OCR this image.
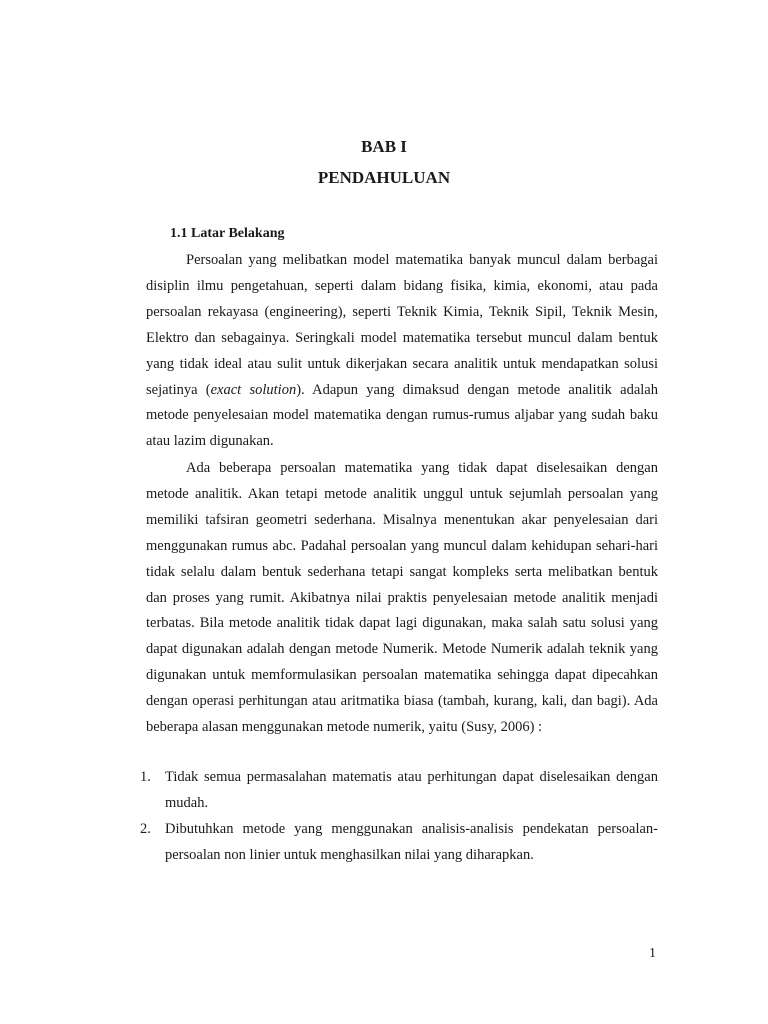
BAB I
PENDAHULUAN
1.1 Latar Belakang

Persoalan yang melibatkan model matematika banyak muncul dalam berbagai disiplin ilmu pengetahuan, seperti dalam bidang fisika, kimia, ekonomi, atau pada persoalan rekayasa (engineering), seperti Teknik Kimia, Teknik Sipil, Teknik Mesin, Elektro dan sebagainya. Seringkali model matematika tersebut muncul dalam bentuk yang tidak ideal atau sulit untuk dikerjakan secara analitik untuk mendapatkan solusi sejatinya (exact solution). Adapun yang dimaksud dengan metode analitik adalah metode penyelesaian model matematika dengan rumus-rumus aljabar yang sudah baku atau lazim digunakan.

Ada beberapa persoalan matematika yang tidak dapat diselesaikan dengan metode analitik. Akan tetapi metode analitik unggul untuk sejumlah persoalan yang memiliki tafsiran geometri sederhana. Misalnya menentukan akar penyelesaian dari menggunakan rumus abc. Padahal persoalan yang muncul dalam kehidupan sehari-hari tidak selalu dalam bentuk sederhana tetapi sangat kompleks serta melibatkan bentuk dan proses yang rumit. Akibatnya nilai praktis penyelesaian metode analitik menjadi terbatas. Bila metode analitik tidak dapat lagi digunakan, maka salah satu solusi yang dapat digunakan adalah dengan metode Numerik. Metode Numerik adalah teknik yang digunakan untuk memformulasikan persoalan matematika sehingga dapat dipecahkan dengan operasi perhitungan atau aritmatika biasa (tambah, kurang, kali, dan bagi). Ada beberapa alasan menggunakan metode numerik, yaitu (Susy, 2006) :

1. Tidak semua permasalahan matematis atau perhitungan dapat diselesaikan dengan mudah.
2. Dibutuhkan metode yang menggunakan analisis-analisis pendekatan persoalan-persoalan non linier untuk menghasilkan nilai yang diharapkan.
1
